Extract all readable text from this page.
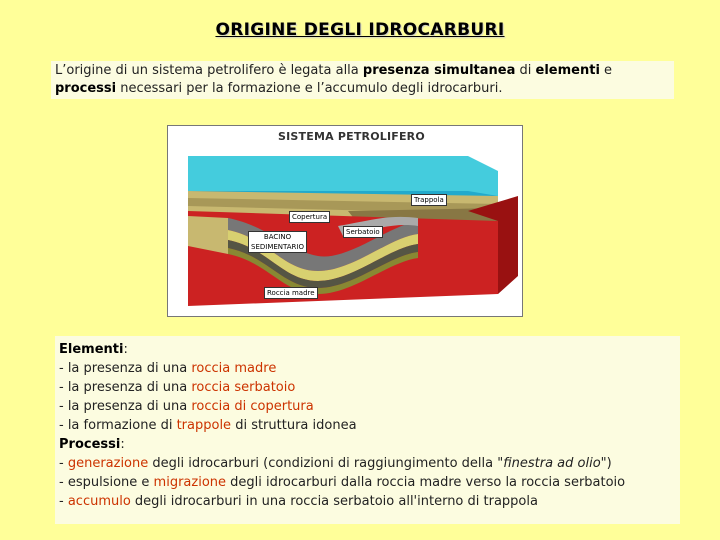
ORIGINE DEGLI IDROCARBURI
L’origine di un sistema petrolifero è legata alla presenza simultanea di elementi e processi necessari per la formazione e l’accumulo degli idrocarburi.
SISTEMA PETROLIFERO
Trappola
Copertura
Serbatoio
BACINO
SEDIMENTARIO
Roccia madre
Elementi:
- la presenza di una roccia madre
- la presenza di una roccia serbatoio
- la presenza di una roccia di copertura
- la formazione di trappole di struttura idonea
Processi:
- generazione degli idrocarburi (condizioni di raggiungimento della "finestra ad olio")
- espulsione e migrazione degli idrocarburi dalla roccia madre verso la roccia serbatoio
- accumulo degli idrocarburi in una roccia serbatoio all'interno di trappola
